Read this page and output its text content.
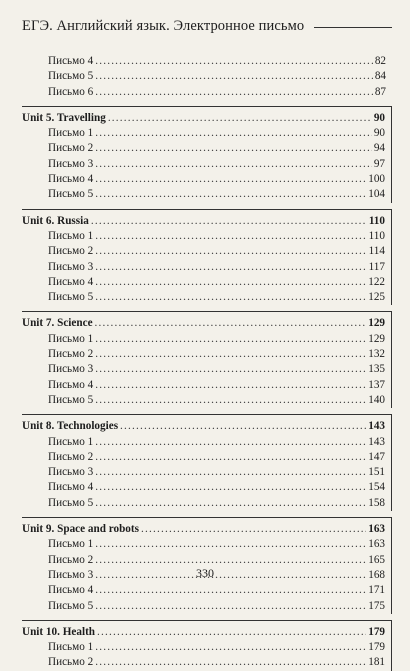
ЕГЭ. Английский язык. Электронное письмо
Письмо 4 .....	82
Письмо 5 .....	84
Письмо 6 .....	87
Unit 5. Travelling .....	90
Письмо 1 .....	90
Письмо 2 .....	94
Письмо 3 .....	97
Письмо 4 .....	100
Письмо 5 .....	104
Unit 6. Russia .....	110
Письмо 1 .....	110
Письмо 2 .....	114
Письмо 3 .....	117
Письмо 4 .....	122
Письмо 5 .....	125
Unit 7. Science .....	129
Письмо 1 .....	129
Письмо 2 .....	132
Письмо 3 .....	135
Письмо 4 .....	137
Письмо 5 .....	140
Unit 8. Technologies .....	143
Письмо 1 .....	143
Письмо 2 .....	147
Письмо 3 .....	151
Письмо 4 .....	154
Письмо 5 .....	158
Unit 9. Space and robots .....	163
Письмо 1 .....	163
Письмо 2 .....	165
Письмо 3 .....	168
Письмо 4 .....	171
Письмо 5 .....	175
Unit 10. Health .....	179
Письмо 1 .....	179
Письмо 2 .....	181
330
